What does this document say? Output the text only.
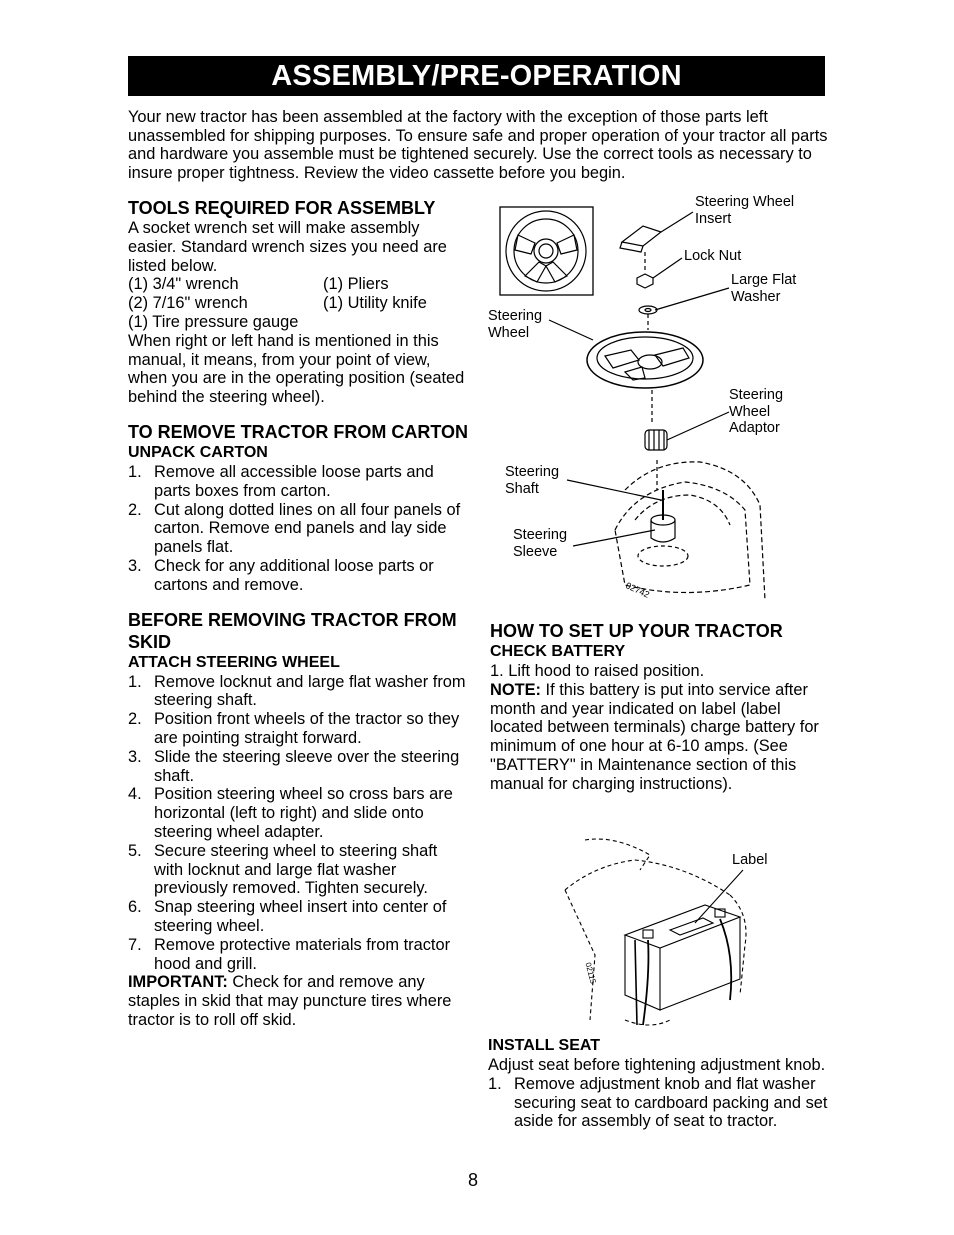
ASSEMBLY/PRE-OPERATION

Your new tractor has been assembled at the factory with the exception of those parts left unassembled for shipping purposes. To ensure safe and proper operation of your tractor all parts and hardware you assemble must be tightened securely. Use the correct tools as necessary to insure proper tightness. Review the video cassette before you begin.

TOOLS REQUIRED FOR ASSEMBLY

A socket wrench set will make assembly easier. Standard wrench sizes you need are listed below.

(1) 3/4" wrench	(1) Pliers
(2) 7/16" wrench	(1) Utility knife

(1) Tire pressure gauge

When right or left hand is mentioned in this manual, it means, from your point of view, when you are in the operating position (seated behind the steering wheel).

TO REMOVE TRACTOR FROM CARTON
UNPACK CARTON
1. Remove all accessible loose parts and parts boxes from carton.
2. Cut along dotted lines on all four panels of carton. Remove end panels and lay side panels flat.
3. Check for any additional loose parts or cartons and remove.
BEFORE REMOVING TRACTOR FROM SKID
ATTACH STEERING WHEEL
1. Remove locknut and large flat washer from steering shaft.
2. Position front wheels of the tractor so they are pointing straight forward.
3. Slide the steering sleeve over the steering shaft.
4. Position steering wheel so cross bars are horizontal (left to right) and slide onto steering wheel adapter.
5. Secure steering wheel to steering shaft with locknut and large flat washer previously removed. Tighten securely.
6. Snap steering wheel insert into center of steering wheel.
7. Remove protective materials from tractor hood and grill.

IMPORTANT: Check for and remove any staples in skid that may puncture tires where tractor is to roll off skid.

Steering Wheel Insert
Lock Nut
Large Flat Washer
Steering Wheel
Steering Wheel Adaptor
Steering Shaft
Steering Sleeve
02742
HOW TO SET UP YOUR TRACTOR
CHECK BATTERY

1. Lift hood to raised position.

NOTE: If this battery is put into service after month and year indicated on label (label located between terminals) charge battery for minimum of one hour at 6-10 amps. (See "BATTERY" in Maintenance section of this manual for charging instructions).

Label
02115
INSTALL SEAT

Adjust seat before tightening adjustment knob.

1. Remove adjustment knob and flat washer securing seat to cardboard packing and set aside for assembly of seat to tractor.
8
